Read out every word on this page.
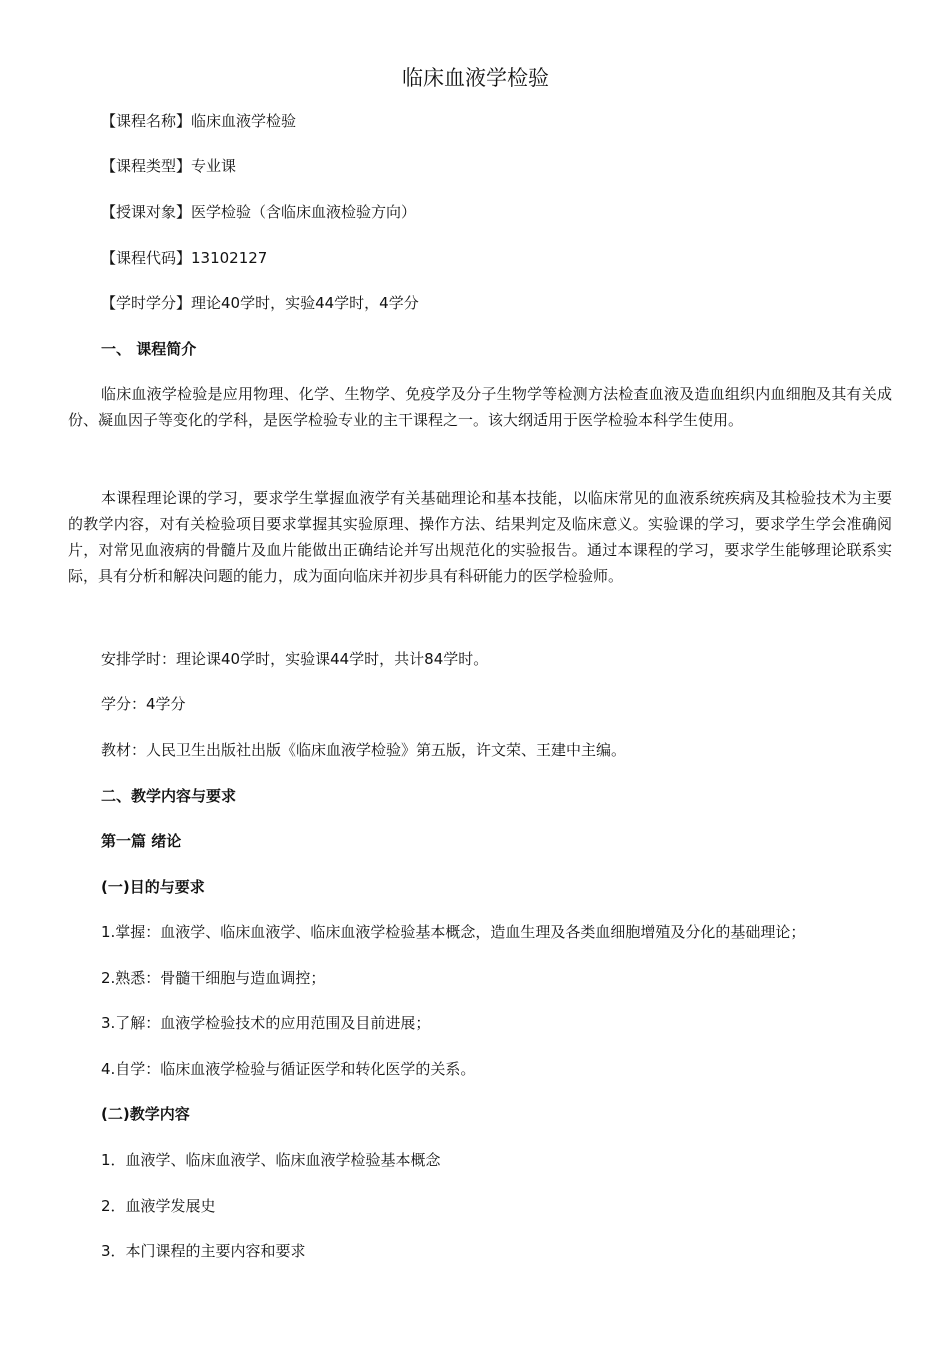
临床血液学检验
【课程名称】临床血液学检验
【课程类型】专业课
【授课对象】医学检验（含临床血液检验方向）
【课程代码】13102127
【学时学分】理论40学时，实验44学时，4学分
一、 课程简介
临床血液学检验是应用物理、化学、生物学、免疫学及分子生物学等检测方法检查血液及造血组织内血细胞及其有关成份、凝血因子等变化的学科，是医学检验专业的主干课程之一。该大纲适用于医学检验本科学生使用。
本课程理论课的学习，要求学生掌握血液学有关基础理论和基本技能，以临床常见的血液系统疾病及其检验技术为主要的教学内容，对有关检验项目要求掌握其实验原理、操作方法、结果判定及临床意义。实验课的学习，要求学生学会准确阅片，对常见血液病的骨髓片及血片能做出正确结论并写出规范化的实验报告。通过本课程的学习，要求学生能够理论联系实际，具有分析和解决问题的能力，成为面向临床并初步具有科研能力的医学检验师。
安排学时：理论课40学时，实验课44学时，共计84学时。
学分：4学分
教材：人民卫生出版社出版《临床血液学检验》第五版，许文荣、王建中主编。
二、教学内容与要求
第一篇 绪论
(一)目的与要求
1.掌握：血液学、临床血液学、临床血液学检验基本概念，造血生理及各类血细胞增殖及分化的基础理论；
2.熟悉：骨髓干细胞与造血调控；
3.了解：血液学检验技术的应用范围及目前进展；
4.自学：临床血液学检验与循证医学和转化医学的关系。
(二)教学内容
1．血液学、临床血液学、临床血液学检验基本概念
2．血液学发展史
3．本门课程的主要内容和要求
